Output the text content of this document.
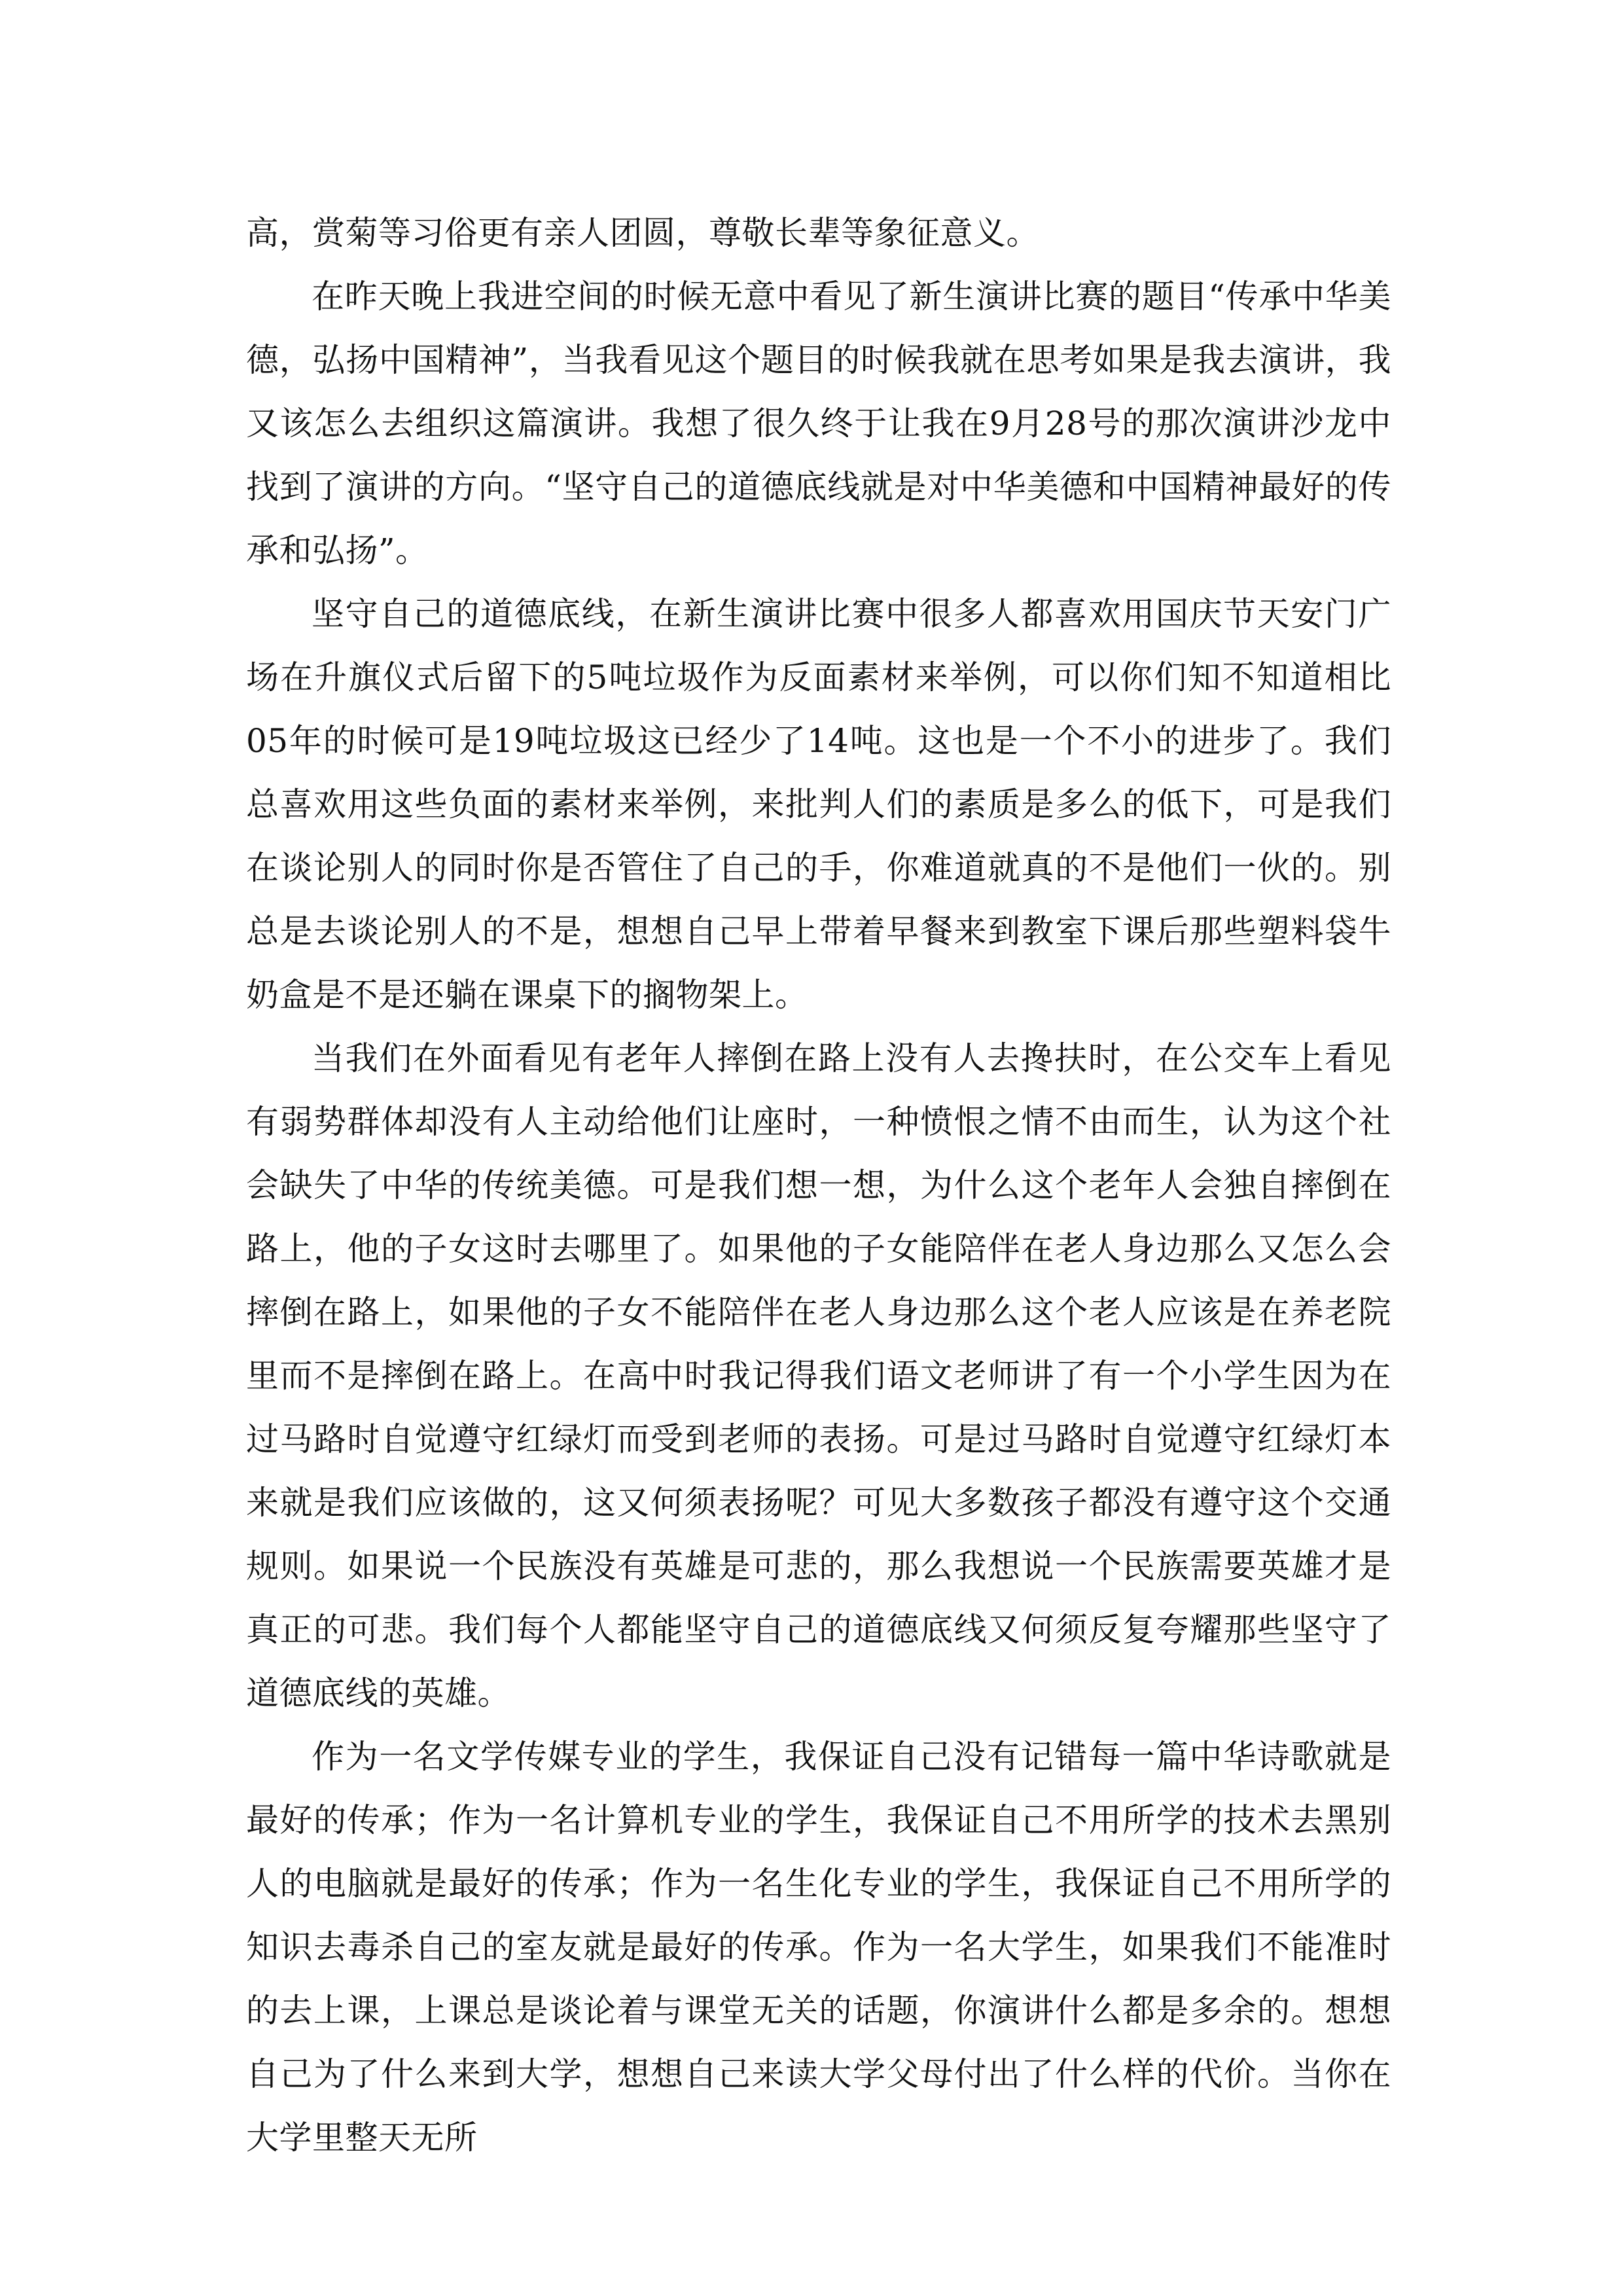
高，赏菊等习俗更有亲人团圆，尊敬长辈等象征意义。

在昨天晚上我进空间的时候无意中看见了新生演讲比赛的题目“传承中华美德，弘扬中国精神”，当我看见这个题目的时候我就在思考如果是我去演讲，我又该怎么去组织这篇演讲。我想了很久终于让我在9月28号的那次演讲沙龙中找到了演讲的方向。“坚守自己的道德底线就是对中华美德和中国精神最好的传承和弘扬”。

坚守自己的道德底线，在新生演讲比赛中很多人都喜欢用国庆节天安门广场在升旗仪式后留下的5吨垃圾作为反面素材来举例，可以你们知不知道相比05年的时候可是19吨垃圾这已经少了14吨。这也是一个不小的进步了。我们总喜欢用这些负面的素材来举例，来批判人们的素质是多么的低下，可是我们在谈论别人的同时你是否管住了自己的手，你难道就真的不是他们一伙的。别总是去谈论别人的不是，想想自己早上带着早餐来到教室下课后那些塑料袋牛奶盒是不是还躺在课桌下的搁物架上。

当我们在外面看见有老年人摔倒在路上没有人去搀扶时，在公交车上看见有弱势群体却没有人主动给他们让座时，一种愤恨之情不由而生，认为这个社会缺失了中华的传统美德。可是我们想一想，为什么这个老年人会独自摔倒在路上，他的子女这时去哪里了。如果他的子女能陪伴在老人身边那么又怎么会摔倒在路上，如果他的子女不能陪伴在老人身边那么这个老人应该是在养老院里而不是摔倒在路上。在高中时我记得我们语文老师讲了有一个小学生因为在过马路时自觉遵守红绿灯而受到老师的表扬。可是过马路时自觉遵守红绿灯本来就是我们应该做的，这又何须表扬呢？可见大多数孩子都没有遵守这个交通规则。如果说一个民族没有英雄是可悲的，那么我想说一个民族需要英雄才是真正的可悲。我们每个人都能坚守自己的道德底线又何须反复夸耀那些坚守了道德底线的英雄。

作为一名文学传媒专业的学生，我保证自己没有记错每一篇中华诗歌就是最好的传承；作为一名计算机专业的学生，我保证自己不用所学的技术去黑别人的电脑就是最好的传承；作为一名生化专业的学生，我保证自己不用所学的知识去毒杀自己的室友就是最好的传承。作为一名大学生，如果我们不能准时的去上课，上课总是谈论着与课堂无关的话题，你演讲什么都是多余的。想想自己为了什么来到大学，想想自己来读大学父母付出了什么样的代价。当你在大学里整天无所
